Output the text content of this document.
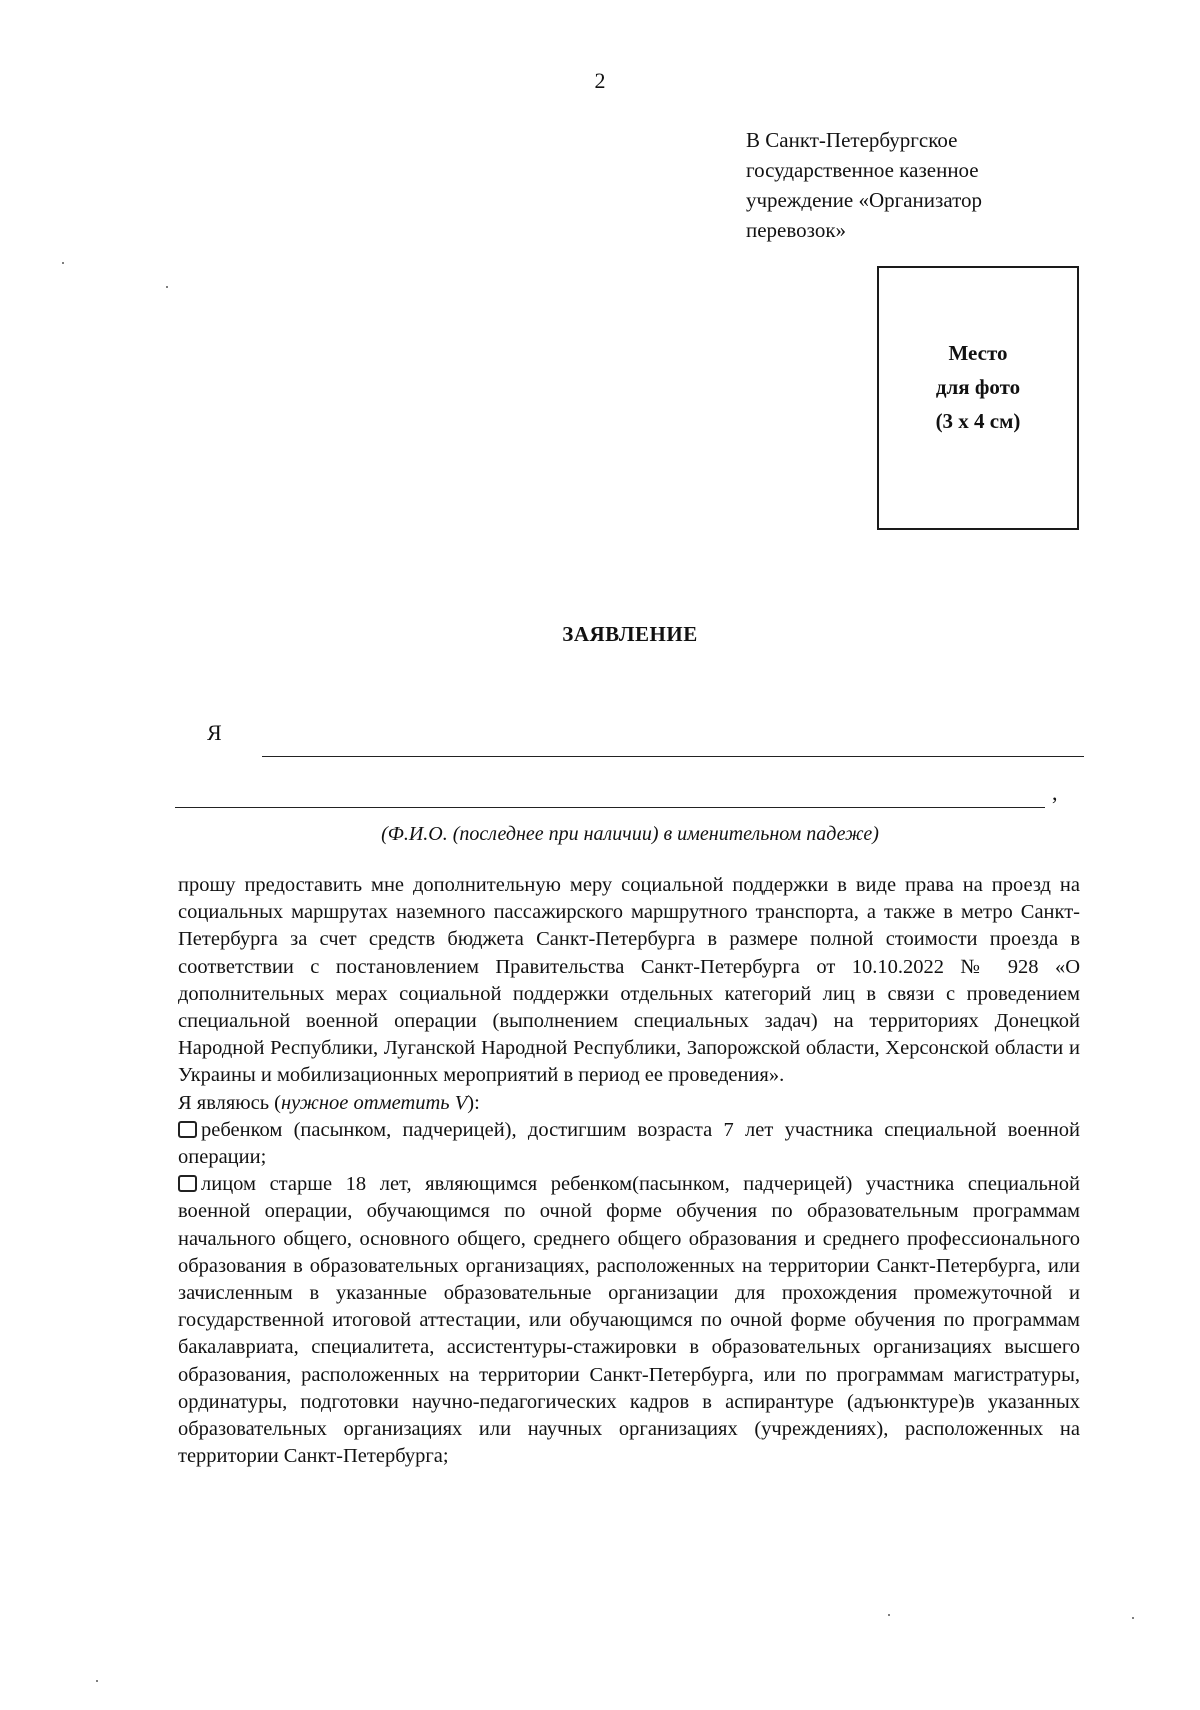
2
В Санкт-Петербургское
государственное казенное
учреждение «Организатор
перевозок»
Место
для фото
(3 х 4 см)
ЗАЯВЛЕНИЕ
Я
,
(Ф.И.О. (последнее при наличии) в именительном падеже)

прошу предоставить мне дополнительную меру социальной поддержки в виде права на проезд на социальных маршрутах наземного пассажирского маршрутного транспорта, а также в метро Санкт-Петербурга за счет средств бюджета Санкт-Петербурга в размере полной стоимости проезда в соответствии с постановлением Правительства Санкт-Петербурга от 10.10.2022 № 928 «О дополнительных мерах социальной поддержки отдельных категорий лиц в связи с проведением специальной военной операции (выполнением специальных задач) на территориях Донецкой Народной Республики, Луганской Народной Республики, Запорожской области, Херсонской области и Украины и мобилизационных мероприятий в период ее проведения».

Я являюсь (нужное отметить V):

ребенком (пасынком, падчерицей), достигшим возраста 7 лет участника специальной военной операции;

лицом старше 18 лет, являющимся ребенком(пасынком, падчерицей) участника специальной военной операции, обучающимся по очной форме обучения по образовательным программам начального общего, основного общего, среднего общего образования и среднего профессионального образования в образовательных организациях, расположенных на территории Санкт-Петербурга, или зачисленным в указанные образовательные организации для прохождения промежуточной и государственной итоговой аттестации, или обучающимся по очной форме обучения по программам бакалавриата, специалитета, ассистентуры-стажировки в образовательных организациях высшего образования, расположенных на территории Санкт-Петербурга, или по программам магистратуры, ординатуры, подготовки научно-педагогических кадров в аспирантуре (адъюнктуре)в указанных образовательных организациях или научных организациях (учреждениях), расположенных на территории Санкт-Петербурга;
